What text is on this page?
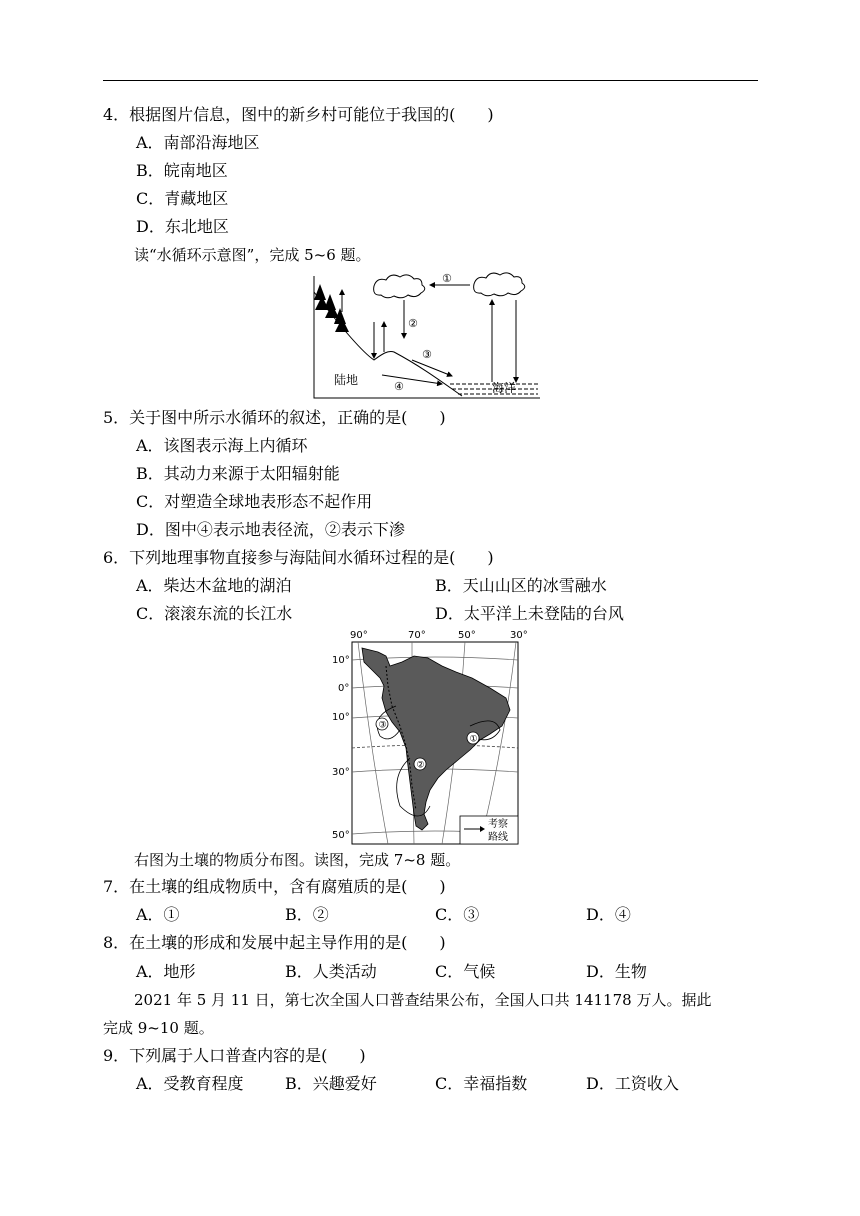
4．根据图片信息，图中的新乡村可能位于我国的(　　)
A．南部沿海地区
B．皖南地区
C．青藏地区
D．东北地区
读“水循环示意图”，完成 5~6 题。
①
②
③
④
陆地
海洋
5．关于图中所示水循环的叙述，正确的是(　　)
A．该图表示海上内循环
B．其动力来源于太阳辐射能
C．对塑造全球地表形态不起作用
D．图中④表示地表径流，②表示下渗
6．下列地理事物直接参与海陆间水循环过程的是(　　)
A．柴达木盆地的湖泊	B．天山山区的冰雪融水
C．滚滚东流的长江水	D．太平洋上未登陆的台风
90°	70°	50°	30°
10°
0°
10°
30°
50°
①
②
③
考察
路线
右图为土壤的物质分布图。读图，完成 7~8 题。
7．在土壤的组成物质中，含有腐殖质的是(　　)
A．①	B．②	C．③	D．④
8．在土壤的形成和发展中起主导作用的是(　　)
A．地形	B．人类活动	C．气候	D．生物
2021 年 5 月 11 日，第七次全国人口普查结果公布，全国人口共 141178 万人。据此
完成 9~10 题。
9．下列属于人口普查内容的是(　　)
A．受教育程度	B．兴趣爱好	C．幸福指数	D．工资收入
